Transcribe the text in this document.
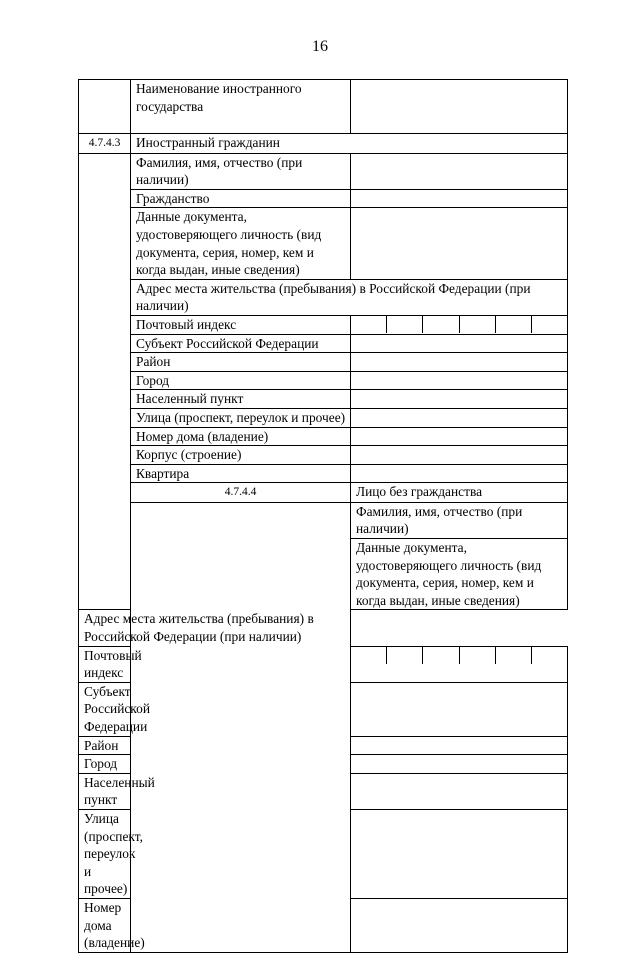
16
	Наименование иностранного государства		
4.7.4.3	Иностранный гражданин		
	Фамилия, имя, отчество (при наличии)		
	Гражданство		
	Данные документа, удостоверяющего личность (вид документа, серия, номер, кем и когда выдан, иные сведения)		
	Адрес места жительства (пребывания) в Российской Федерации (при наличии)		
	Почтовый индекс		

	Субъект Российской Федерации		
	Район		
	Город		
	Населенный пункт		
	Улица (проспект, переулок и прочее)		
	Номер дома (владение)		
	Корпус (строение)		
	Квартира		
	4.7.4.4	Лицо без гражданства	
		Фамилия, имя, отчество (при наличии)	
		Данные документа, удостоверяющего личность (вид документа, серия, номер, кем и когда выдан, иные сведения)	
Адрес места жительства (пребывания) в Российской Федерации (при наличии)			
Почтовый индекс			

Субъект Российской Федерации			
Район			
Город			
Населенный пункт			
Улица (проспект, переулок и прочее)			
Номер дома (владение)			
